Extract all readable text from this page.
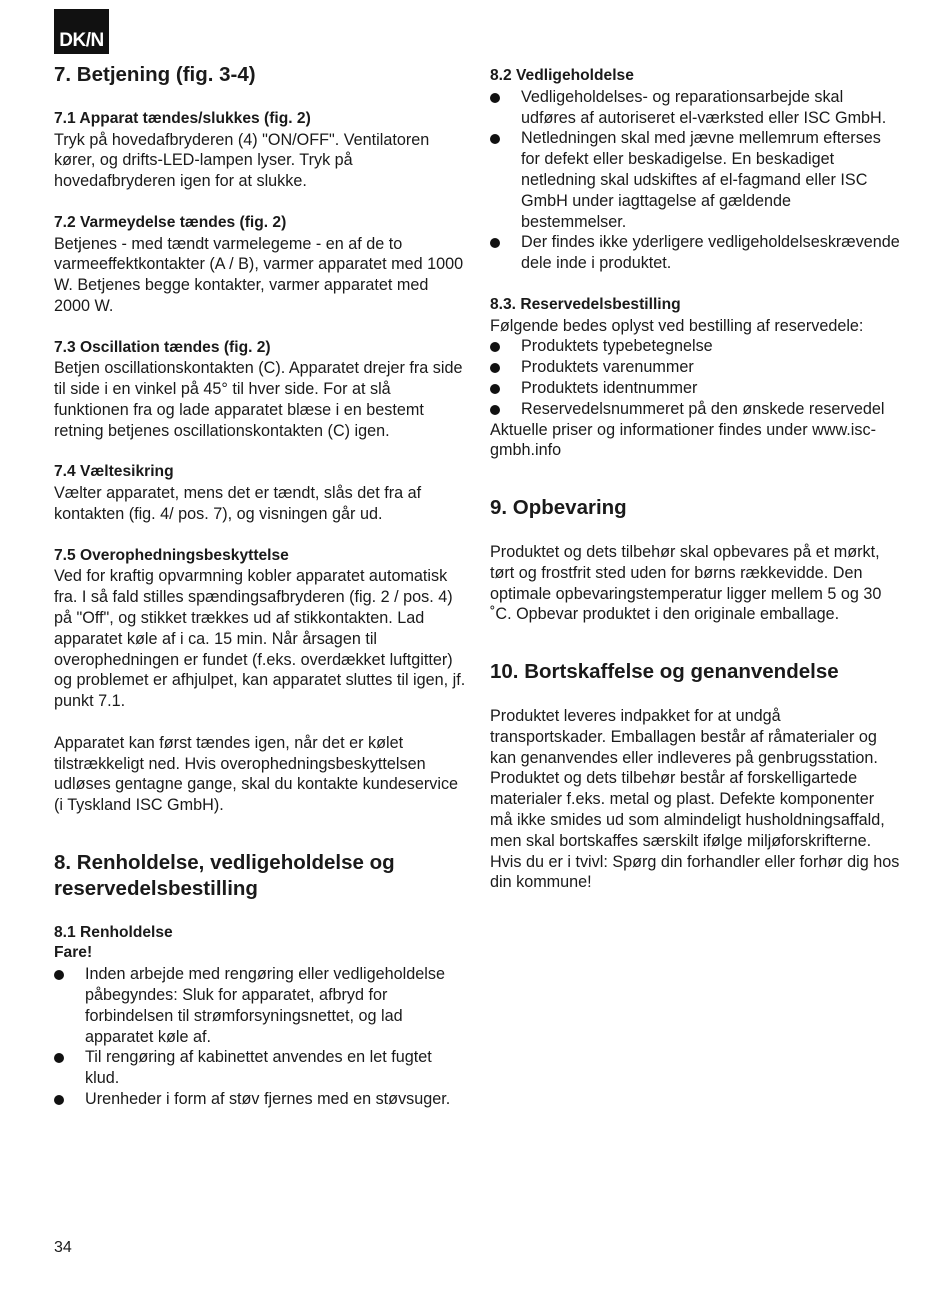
DK/N
7. Betjening (fig. 3-4)
7.1 Apparat tændes/slukkes (fig. 2)

Tryk på hovedafbryderen (4) "ON/OFF". Ventilatoren kører, og drifts-LED-lampen lyser. Tryk på hovedafbryderen igen for at slukke.

7.2 Varmeydelse tændes (fig. 2)

Betjenes - med tændt varmelegeme - en af de to varmeeffektkontakter (A / B), varmer apparatet med 1000 W. Betjenes begge kontakter, varmer apparatet med 2000 W.

7.3 Oscillation tændes (fig. 2)

Betjen oscillationskontakten (C). Apparatet drejer fra side til side i en vinkel på 45° til hver side. For at slå funktionen fra og lade apparatet blæse i en bestemt retning betjenes oscillationskontakten (C) igen.

7.4 Væltesikring

Vælter apparatet, mens det er tændt, slås det fra af kontakten (fig. 4/ pos. 7), og visningen går ud.

7.5 Overophedningsbeskyttelse

Ved for kraftig opvarmning kobler apparatet automatisk fra. I så fald stilles spændingsafbryderen (fig. 2 / pos. 4) på "Off", og stikket trækkes ud af stikkontakten. Lad apparatet køle af i ca. 15 min. Når årsagen til overophedningen er fundet (f.eks. overdækket luftgitter) og problemet er afhjulpet, kan apparatet sluttes til igen, jf. punkt 7.1.

Apparatet kan først tændes igen, når det er kølet tilstrækkeligt ned. Hvis overophedningsbeskyttelsen udløses gentagne gange, skal du kontakte kundeservice (i Tyskland ISC GmbH).

8. Renholdelse, vedligeholdelse og reservedelsbestilling
8.1 Renholdelse
Fare!
Inden arbejde med rengøring eller vedligeholdelse påbegyndes: Sluk for apparatet, afbryd for forbindelsen til strømforsyningsnettet, og lad apparatet køle af.
Til rengøring af kabinettet anvendes en let fugtet klud.
Urenheder i form af støv fjernes med en støvsuger.
8.2 Vedligeholdelse
Vedligeholdelses- og reparationsarbejde skal udføres af autoriseret el-værksted eller ISC GmbH.
Netledningen skal med jævne mellemrum efterses for defekt eller beskadigelse. En beskadiget netledning skal udskiftes af el-fagmand eller ISC GmbH under iagttagelse af gældende bestemmelser.
Der findes ikke yderligere vedligeholdelseskrævende dele inde i produktet.
8.3. Reservedelsbestilling

Følgende bedes oplyst ved bestilling af reservedele:

Produktets typebetegnelse
Produktets varenummer
Produktets identnummer
Reservedelsnummeret på den ønskede reservedel

Aktuelle priser og informationer findes under www.isc-gmbh.info

9. Opbevaring

Produktet og dets tilbehør skal opbevares på et mørkt, tørt og frostfrit sted uden for børns rækkevidde. Den optimale opbevaringstemperatur ligger mellem 5 og 30 ˚C. Opbevar produktet i den originale emballage.

10. Bortskaffelse og genanvendelse

Produktet leveres indpakket for at undgå transportskader. Emballagen består af råmaterialer og kan genanvendes eller indleveres på genbrugsstation. Produktet og dets tilbehør består af forskelligartede materialer f.eks. metal og plast. Defekte komponenter må ikke smides ud som almindeligt husholdningsaffald, men skal bortskaffes særskilt ifølge miljøforskrifterne. Hvis du er i tvivl: Spørg din forhandler eller forhør dig hos din kommune!

34
